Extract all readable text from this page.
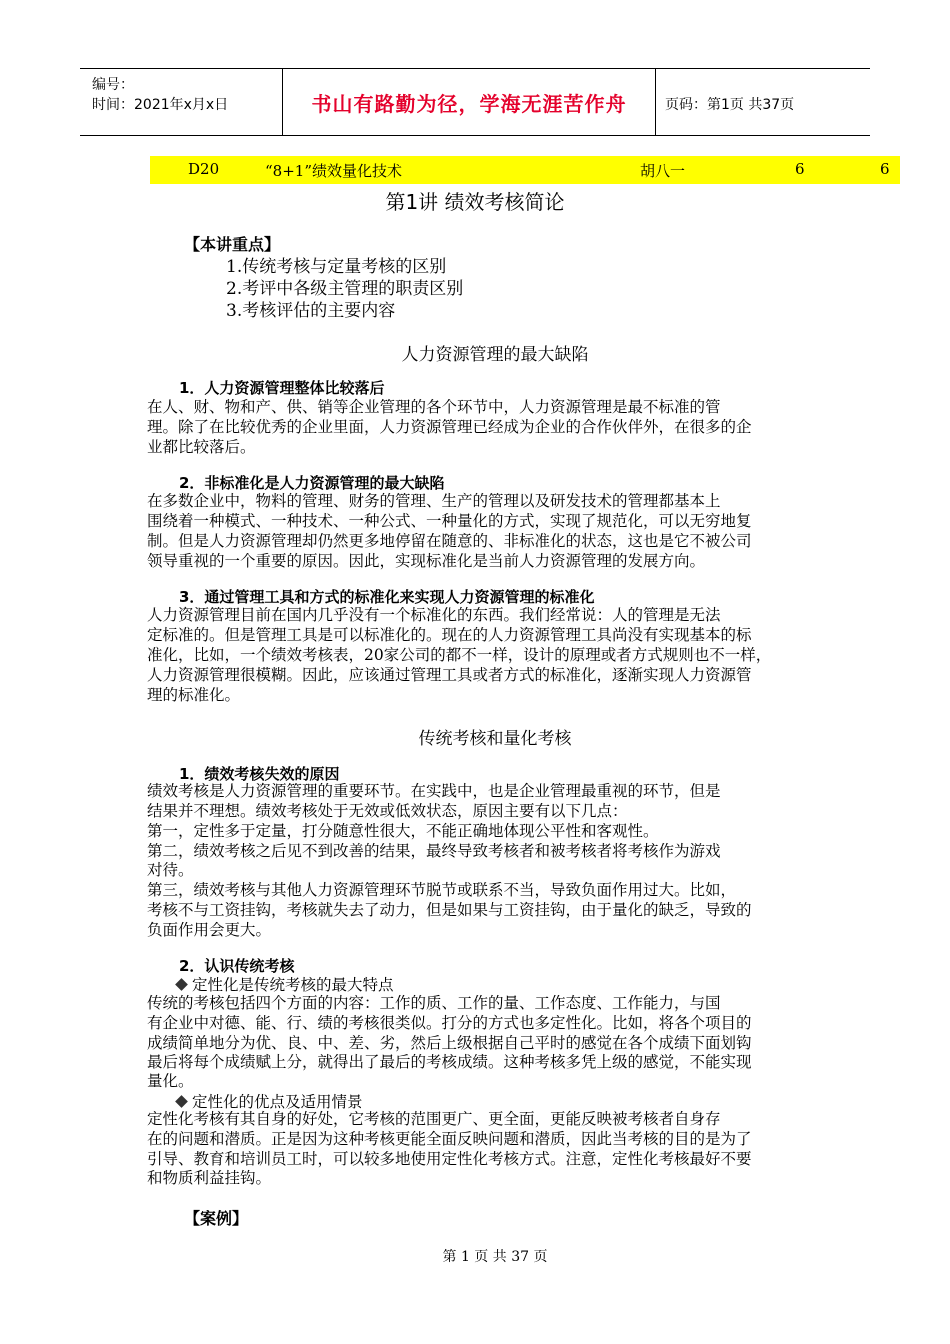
编号：
时间：2021年x月x日	书山有路勤为径，学海无涯苦作舟	页码：第1页 共37页
D20	“8+1”绩效量化技术	胡八一	6	6
第1讲 绩效考核简论
【本讲重点】
1.传统考核与定量考核的区别
2.考评中各级主管理的职责区别
3.考核评估的主要内容
人力资源管理的最大缺陷
1．人力资源管理整体比较落后
在人、财、物和产、供、销等企业管理的各个环节中，人力资源管理是最不标准的管
理。除了在比较优秀的企业里面，人力资源管理已经成为企业的合作伙伴外，在很多的企
业都比较落后。
2．非标准化是人力资源管理的最大缺陷
在多数企业中，物料的管理、财务的管理、生产的管理以及研发技术的管理都基本上
围绕着一种模式、一种技术、一种公式、一种量化的方式，实现了规范化，可以无穷地复
制。但是人力资源管理却仍然更多地停留在随意的、非标准化的状态，这也是它不被公司
领导重视的一个重要的原因。因此，实现标准化是当前人力资源管理的发展方向。
3．通过管理工具和方式的标准化来实现人力资源管理的标准化
人力资源管理目前在国内几乎没有一个标准化的东西。我们经常说：人的管理是无法
定标准的。但是管理工具是可以标准化的。现在的人力资源管理工具尚没有实现基本的标
准化，比如，一个绩效考核表，20家公司的都不一样，设计的原理或者方式规则也不一样，
人力资源管理很模糊。因此，应该通过管理工具或者方式的标准化，逐渐实现人力资源管
理的标准化。
传统考核和量化考核
1．绩效考核失效的原因
绩效考核是人力资源管理的重要环节。在实践中，也是企业管理最重视的环节，但是
结果并不理想。绩效考核处于无效或低效状态，原因主要有以下几点：
第一，定性多于定量，打分随意性很大，不能正确地体现公平性和客观性。
第二，绩效考核之后见不到改善的结果，最终导致考核者和被考核者将考核作为游戏
对待。
第三，绩效考核与其他人力资源管理环节脱节或联系不当，导致负面作用过大。比如，
考核不与工资挂钩，考核就失去了动力，但是如果与工资挂钩，由于量化的缺乏，导致的
负面作用会更大。
2．认识传统考核
定性化是传统考核的最大特点
传统的考核包括四个方面的内容：工作的质、工作的量、工作态度、工作能力，与国
有企业中对德、能、行、绩的考核很类似。打分的方式也多定性化。比如，将各个项目的
成绩简单地分为优、良、中、差、劣，然后上级根据自己平时的感觉在各个成绩下面划钩
最后将每个成绩赋上分，就得出了最后的考核成绩。这种考核多凭上级的感觉，不能实现
量化。
定性化的优点及适用情景
定性化考核有其自身的好处，它考核的范围更广、更全面，更能反映被考核者自身存
在的问题和潜质。正是因为这种考核更能全面反映问题和潜质，因此当考核的目的是为了
引导、教育和培训员工时，可以较多地使用定性化考核方式。注意，定性化考核最好不要
和物质利益挂钩。
【案例】
第 1 页 共 37 页
